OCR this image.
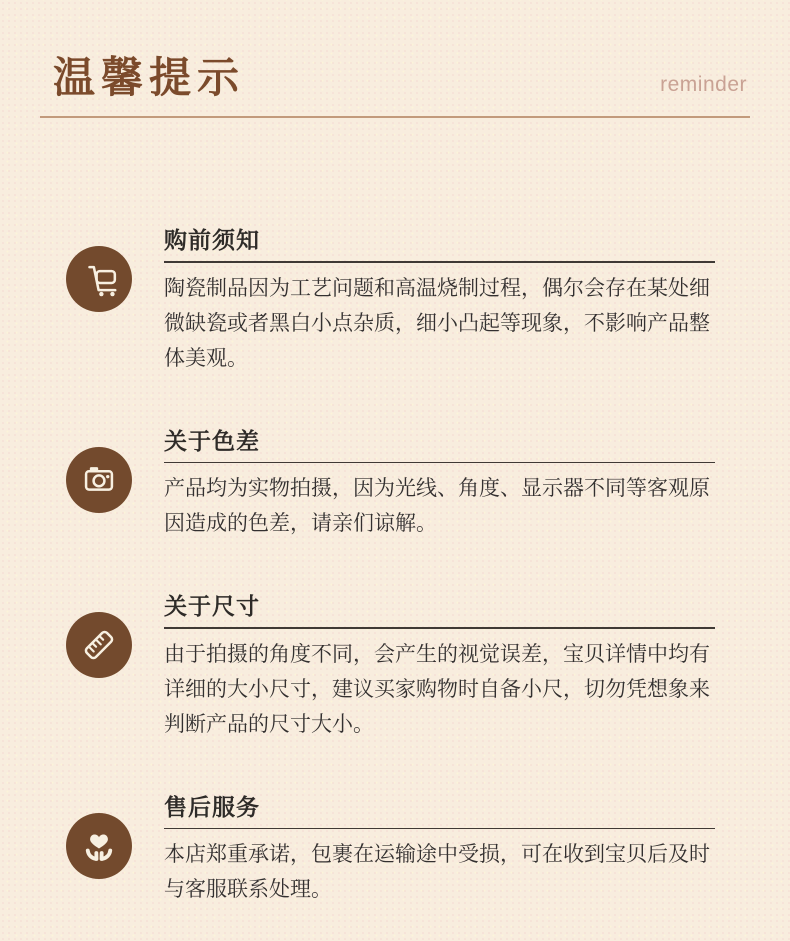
温馨提示	reminder
购前须知

陶瓷制品因为工艺问题和高温烧制过程，偶尔会存在某处细微缺瓷或者黑白小点杂质，细小凸起等现象，不影响产品整体美观。

关于色差

产品均为实物拍摄，因为光线、角度、显示器不同等客观原因造成的色差，请亲们谅解。

关于尺寸

由于拍摄的角度不同，会产生的视觉误差，宝贝详情中均有详细的大小尺寸，建议买家购物时自备小尺，切勿凭想象来判断产品的尺寸大小。

售后服务

本店郑重承诺，包裹在运输途中受损，可在收到宝贝后及时与客服联系处理。
